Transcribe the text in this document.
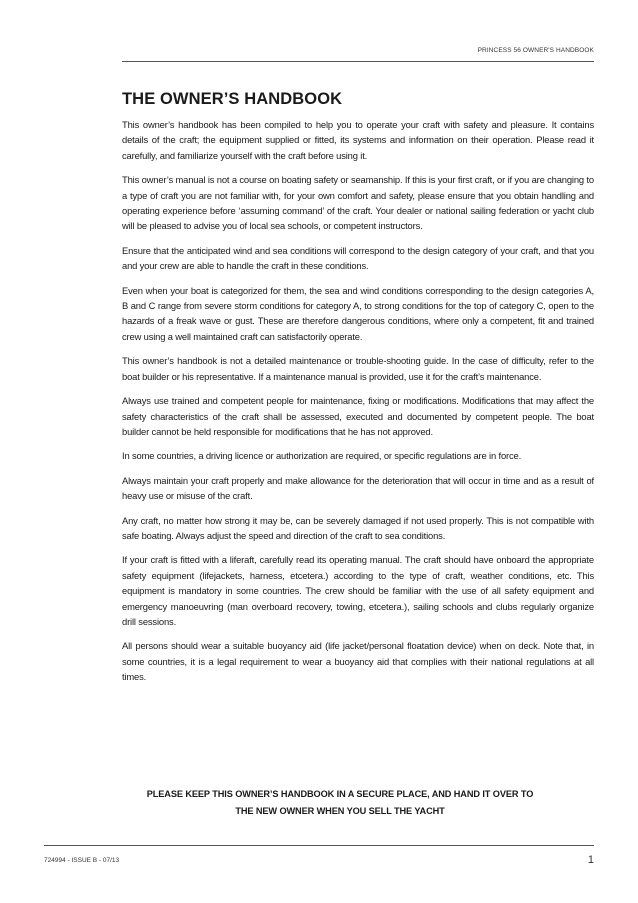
PRINCESS 56 OWNER'S HANDBOOK
THE OWNER’S HANDBOOK

This owner’s handbook has been compiled to help you to operate your craft with safety and pleasure. It contains details of the craft; the equipment supplied or fitted, its systems and information on their operation. Please read it carefully, and familiarize yourself with the craft before using it.

This owner’s manual is not a course on boating safety or seamanship. If this is your first craft, or if you are changing to a type of craft you are not familiar with, for your own comfort and safety, please ensure that you obtain handling and operating experience before ‘assuming command’ of the craft. Your dealer or national sailing federation or yacht club will be pleased to advise you of local sea schools, or competent instructors.

Ensure that the anticipated wind and sea conditions will correspond to the design category of your craft, and that you and your crew are able to handle the craft in these conditions.

Even when your boat is categorized for them, the sea and wind conditions corresponding to the design categories A, B and C range from severe storm conditions for category A, to strong conditions for the top of category C, open to the hazards of a freak wave or gust. These are therefore dangerous conditions, where only a competent, fit and trained crew using a well maintained craft can satisfactorily operate.

This owner’s handbook is not a detailed maintenance or trouble-shooting guide. In the case of difficulty, refer to the boat builder or his representative. If a maintenance manual is provided, use it for the craft’s maintenance.

Always use trained and competent people for maintenance, fixing or modifications. Modifications that may affect the safety characteristics of the craft shall be assessed, executed and documented by competent people. The boat builder cannot be held responsible for modifications that he has not approved.

In some countries, a driving licence or authorization are required, or specific regulations are in force.

Always maintain your craft properly and make allowance for the deterioration that will occur in time and as a result of heavy use or misuse of the craft.

Any craft, no matter how strong it may be, can be severely damaged if not used properly. This is not compatible with safe boating. Always adjust the speed and direction of the craft to sea conditions.

If your craft is fitted with a liferaft, carefully read its operating manual. The craft should have onboard the appropriate safety equipment (lifejackets, harness, etcetera.) according to the type of craft, weather conditions, etc. This equipment is mandatory in some countries. The crew should be familiar with the use of all safety equipment and emergency manoeuvring (man overboard recovery, towing, etcetera.), sailing schools and clubs regularly organize drill sessions.

All persons should wear a suitable buoyancy aid (life jacket/personal floatation device) when on deck. Note that, in some countries, it is a legal requirement to wear a buoyancy aid that complies with their national regulations at all times.

PLEASE KEEP THIS OWNER’S HANDBOOK IN A SECURE PLACE, AND HAND IT OVER TO
THE NEW OWNER WHEN YOU SELL THE YACHT
724994 - ISSUE B - 07/13	1
